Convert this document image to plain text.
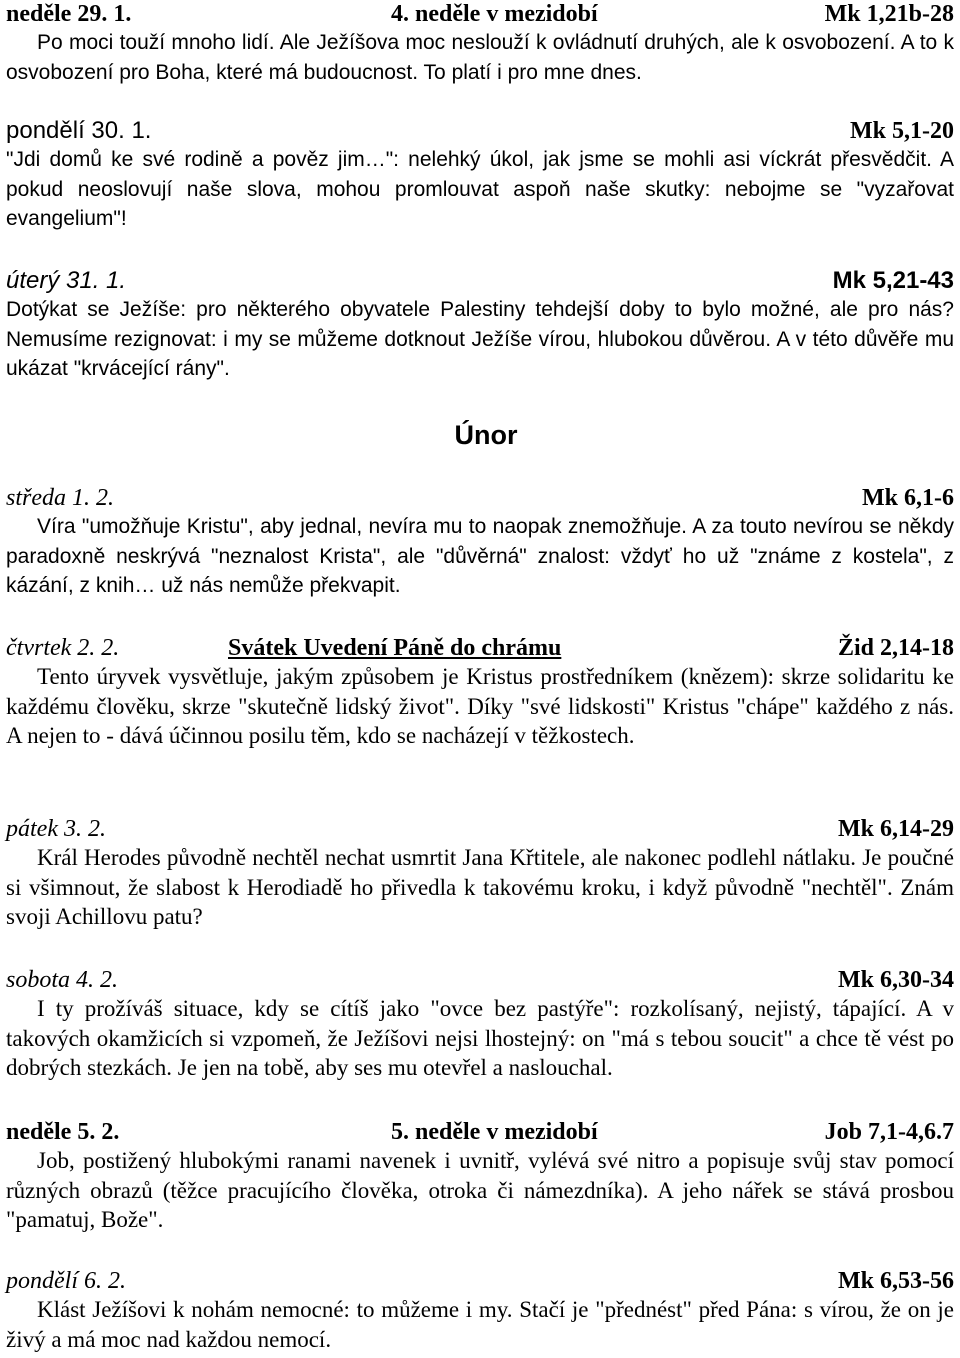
neděle 29. 1.	4. neděle v mezidobí	Mk 1,21b-28
Po moci touží mnoho lidí. Ale Ježíšova moc neslouží k ovládnutí druhých, ale k osvobození. A to k osvobození pro Boha, které má budoucnost. To platí i pro mne dnes.
pondělí 30. 1.	Mk 5,1-20
"Jdi domů ke své rodině a pověz jim…": nelehký úkol, jak jsme se mohli asi víckrát přesvědčit. A pokud neoslovují naše slova, mohou promlouvat aspoň naše skutky: nebojme se "vyzařovat evangelium"!
úterý 31. 1.	Mk 5,21-43
Dotýkat se Ježíše: pro některého obyvatele Palestiny tehdejší doby to bylo možné, ale pro nás? Nemusíme rezignovat: i my se můžeme dotknout Ježíše vírou, hlubokou důvěrou. A v této důvěře mu ukázat "krvácející rány".
Únor
středa 1. 2.	Mk 6,1-6
Víra "umožňuje Kristu", aby jednal, nevíra mu to naopak znemožňuje. A za touto nevírou se někdy paradoxně neskrývá "neznalost Krista", ale "důvěrná" znalost: vždyť ho už "známe z kostela", z kázání, z knih… už nás nemůže překvapit.
čtvrtek 2. 2.	Svátek Uvedení Páně do chrámu	Žid 2,14-18
Tento úryvek vysvětluje, jakým způsobem je Kristus prostředníkem (knězem): skrze solidaritu ke každému člověku, skrze "skutečně lidský život". Díky "své lidskosti" Kristus "chápe" každého z nás. A nejen to - dává účinnou posilu těm, kdo se nacházejí v těžkostech.
pátek 3. 2.	Mk 6,14-29
Král Herodes původně nechtěl nechat usmrtit Jana Křtitele, ale nakonec podlehl nátlaku. Je poučné si všimnout, že slabost k Herodiadě ho přivedla k takovému kroku, i když původně "nechtěl". Znám svoji Achillovu patu?
sobota 4. 2.	Mk 6,30-34
I ty prožíváš situace, kdy se cítíš jako "ovce bez pastýře": rozkolísaný, nejistý, tápající. A v takových okamžicích si vzpomeň, že Ježíšovi nejsi lhostejný: on "má s tebou soucit" a chce tě vést po dobrých stezkách. Je jen na tobě, aby ses mu otevřel a naslouchal.
neděle 5. 2.	5. neděle v mezidobí	Job 7,1-4,6.7
Job, postižený hlubokými ranami navenek i uvnitř, vylévá své nitro a popisuje svůj stav pomocí různých obrazů (těžce pracujícího člověka, otroka či námezdníka). A jeho nářek se stává prosbou "pamatuj, Bože".
pondělí 6. 2.	Mk 6,53-56
Klást Ježíšovi k nohám nemocné: to můžeme i my. Stačí je "přednést" před Pána: s vírou, že on je živý a má moc nad každou nemocí.
